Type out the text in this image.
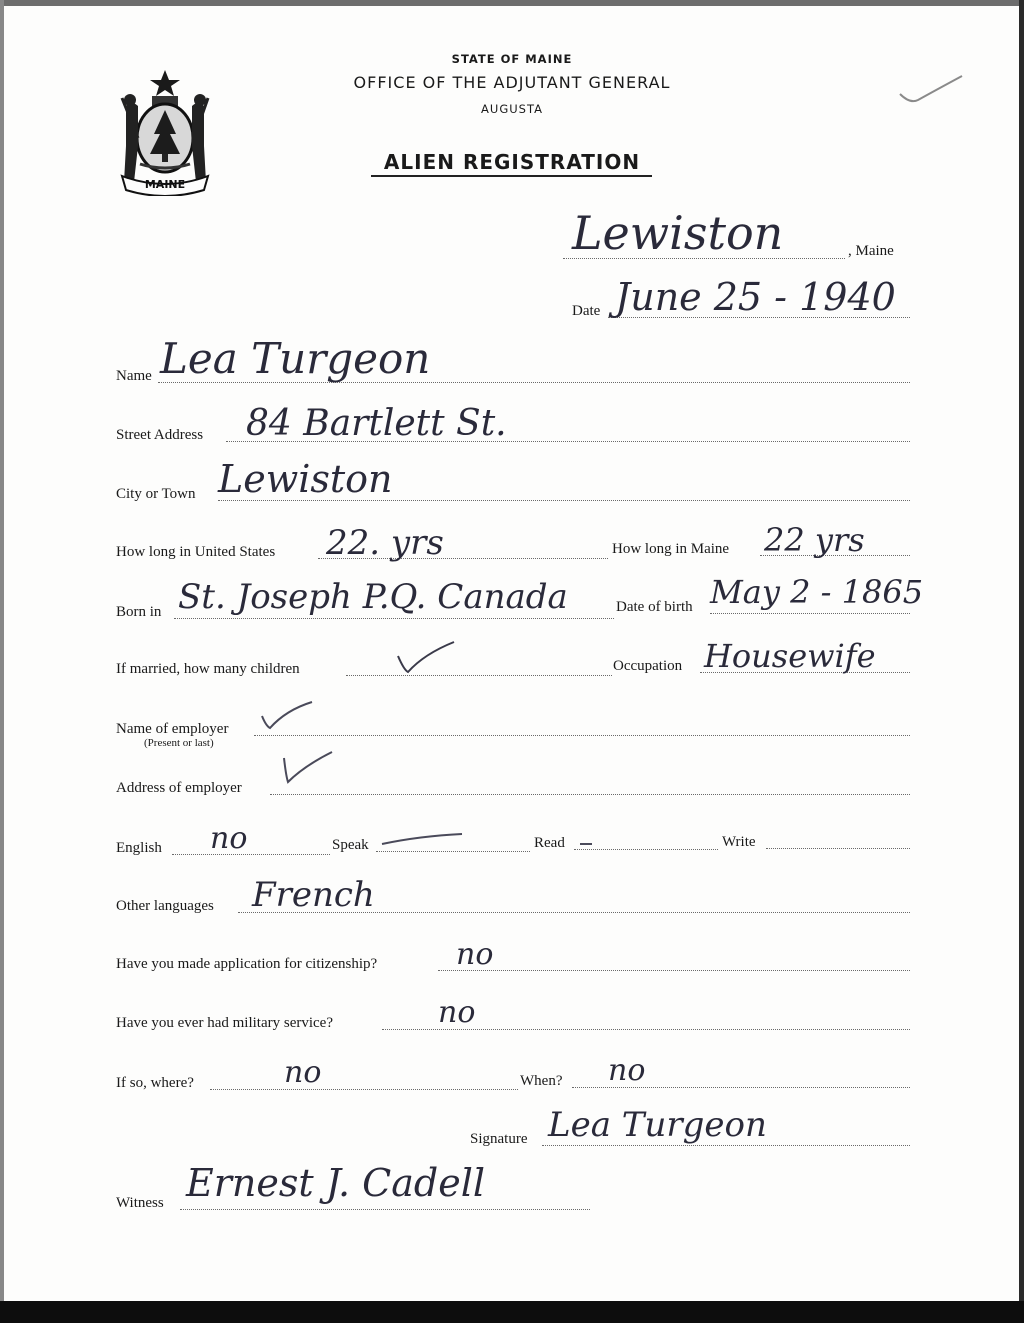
MAINE
STATE OF MAINE
OFFICE OF THE ADJUTANT GENERAL
AUGUSTA
ALIEN REGISTRATION
Lewiston	, Maine
Date June 25 - 1940
Name Lea Turgeon
Street Address 84 Bartlett St.
City or Town Lewiston
How long in United States 22. yrs	How long in Maine 22 yrs
Born in St. Joseph P.Q. Canada	Date of birth May 2 - 1865
If married, how many children	Occupation Housewife
Name of employer
(Present or last)
Address of employer
English no	Speak	Read	Write
Other languages French
Have you made application for citizenship?	no
Have you ever had military service?	no
If so, where?	no	When? no
Signature Lea Turgeon
Witness Ernest J. Cadell
